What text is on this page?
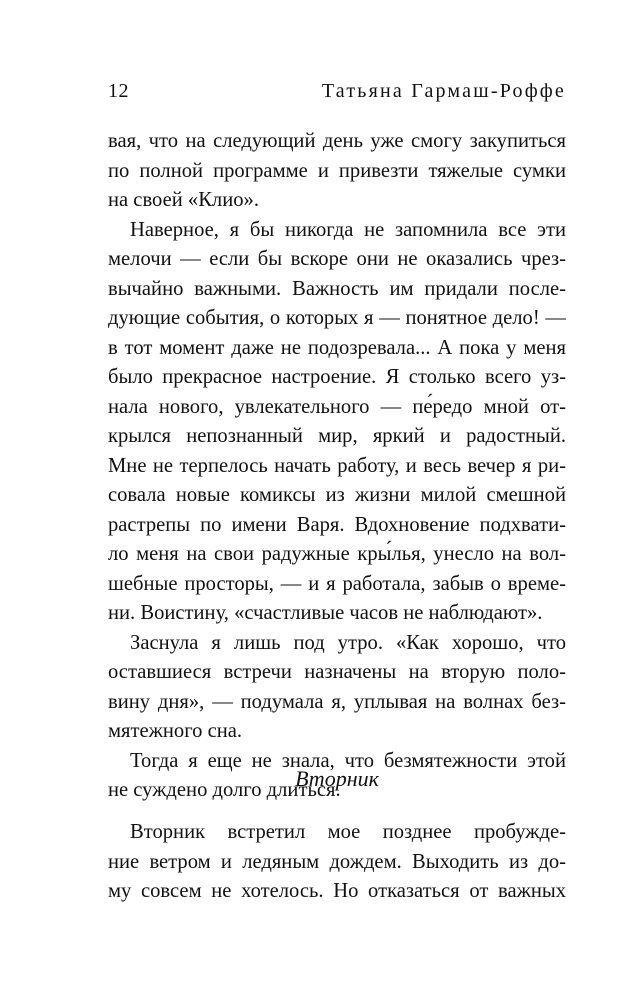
12	Татьяна Гармаш-Роффе
вая, что на следующий день уже смогу закупиться
по полной программе и привезти тяжелые сумки
на своей «Клио».
Наверное, я бы никогда не запомнила все эти
мелочи — если бы вскоре они не оказались чрез-
вычайно важными. Важность им придали после-
дующие события, о которых я — понятное дело! —
в тот момент даже не подозревала... А пока у меня
было прекрасное настроение. Я столько всего уз-
нала нового, увлекательного — пе́редо мной от-
крылся непознанный мир, яркий и радостный.
Мне не терпелось начать работу, и весь вечер я ри-
совала новые комиксы из жизни милой смешной
растрепы по имени Варя. Вдохновение подхвати-
ло меня на свои радужные кры́лья, унесло на вол-
шебные просторы, — и я работала, забыв о време-
ни. Воистину, «счастливые часов не наблюдают».
Заснула я лишь под утро. «Как хорошо, что
оставшиеся встречи назначены на вторую поло-
вину дня», — подумала я, уплывая на волнах без-
мятежного сна.
Тогда я еще не знала, что безмятежности этой
не суждено долго длиться.
Вторник
Вторник встретил мое позднее пробужде-
ние ветром и ледяным дождем. Выходить из до-
му совсем не хотелось. Но отказаться от важных
